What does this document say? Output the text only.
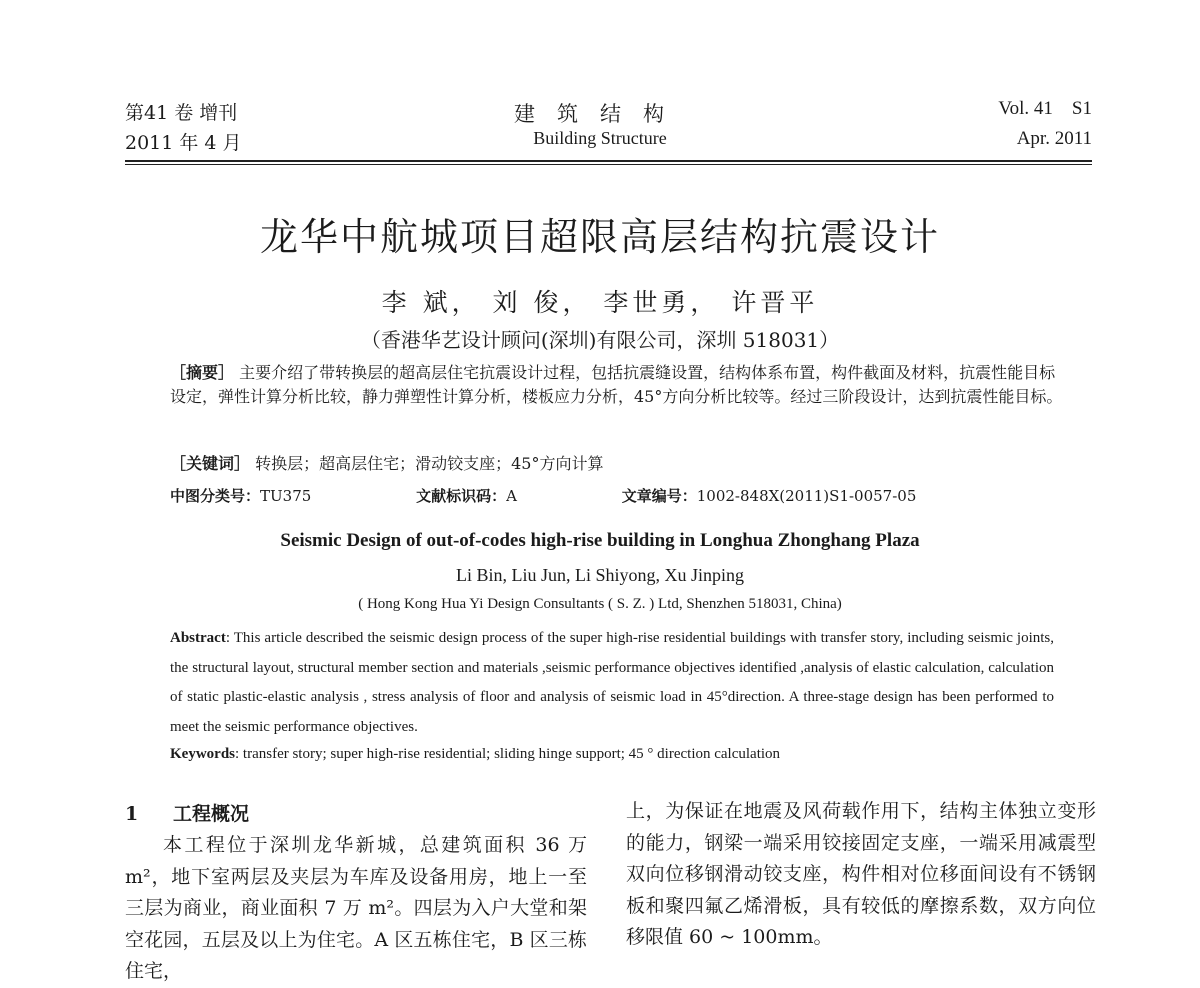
第41 卷 增刊
2011 年 4 月
建筑结构
Building Structure
Vol. 41    S1
Apr. 2011
龙华中航城项目超限高层结构抗震设计
李 斌， 刘 俊， 李世勇， 许晋平
（香港华艺设计顾问(深圳)有限公司，深圳 518031）
［摘要］ 主要介绍了带转换层的超高层住宅抗震设计过程，包括抗震缝设置，结构体系布置，构件截面及材料，抗震性能目标设定，弹性计算分析比较，静力弹塑性计算分析，楼板应力分析，45°方向分析比较等。经过三阶段设计，达到抗震性能目标。
［关键词］ 转换层；超高层住宅；滑动铰支座；45°方向计算
中图分类号：TU375	文献标识码：A	文章编号：1002-848X(2011)S1-0057-05
Seismic Design of out-of-codes high-rise building in Longhua Zhonghang Plaza
Li Bin, Liu Jun, Li Shiyong, Xu Jinping
( Hong Kong Hua Yi Design Consultants ( S. Z. ) Ltd, Shenzhen 518031, China)
Abstract: This article described the seismic design process of the super high-rise residential buildings with transfer story, including seismic joints, the structural layout, structural member section and materials ,seismic performance objectives identified ,analysis of elastic calculation, calculation of static plastic-elastic analysis , stress analysis of floor and analysis of seismic load in 45°direction. A three-stage design has been performed to meet the seismic performance objectives.
Keywords: transfer story; super high-rise residential; sliding hinge support; 45 ° direction calculation
1 工程概况
本工程位于深圳龙华新城，总建筑面积 36 万 m²，地下室两层及夹层为车库及设备用房，地上一至三层为商业，商业面积 7 万 m²。四层为入户大堂和架空花园，五层及以上为住宅。A 区五栋住宅，B 区三栋住宅，
上，为保证在地震及风荷载作用下，结构主体独立变形的能力，钢梁一端采用铰接固定支座，一端采用减震型双向位移钢滑动铰支座，构件相对位移面间设有不锈钢板和聚四氟乙烯滑板，具有较低的摩擦系数，双方向位移限值 60 ~ 100mm。
